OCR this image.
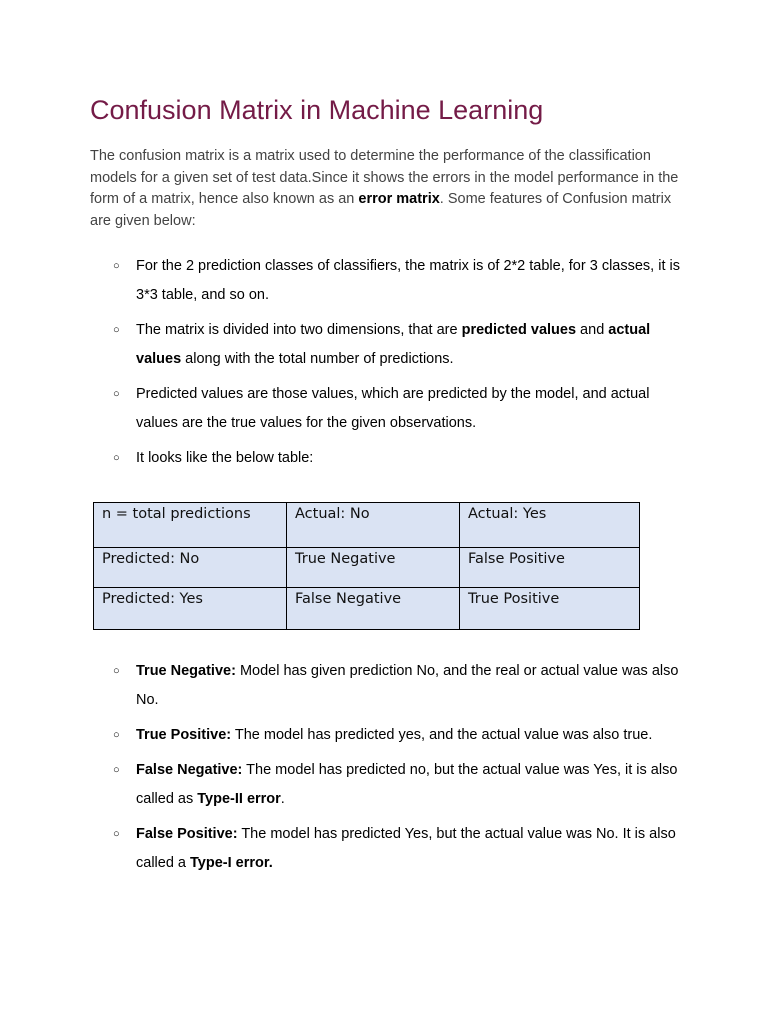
Confusion Matrix in Machine Learning

The confusion matrix is a matrix used to determine the performance of the classification models for a given set of test data.Since it shows the errors in the model performance in the form of a matrix, hence also known as an error matrix. Some features of Confusion matrix are given below:

○ For the 2 prediction classes of classifiers, the matrix is of 2*2 table, for 3 classes, it is 3*3 table, and so on.
○ The matrix is divided into two dimensions, that are predicted values and actual values along with the total number of predictions.
○ Predicted values are those values, which are predicted by the model, and actual values are the true values for the given observations.
○ It looks like the below table:
n = total predictions	Actual: No	Actual: Yes
Predicted: No	True Negative	False Positive
Predicted: Yes	False Negative	True Positive
○ True Negative: Model has given prediction No, and the real or actual value was also No.
○ True Positive: The model has predicted yes, and the actual value was also true.
○ False Negative: The model has predicted no, but the actual value was Yes, it is also called as Type-II error.
○ False Positive: The model has predicted Yes, but the actual value was No. It is also called a Type-I error.
